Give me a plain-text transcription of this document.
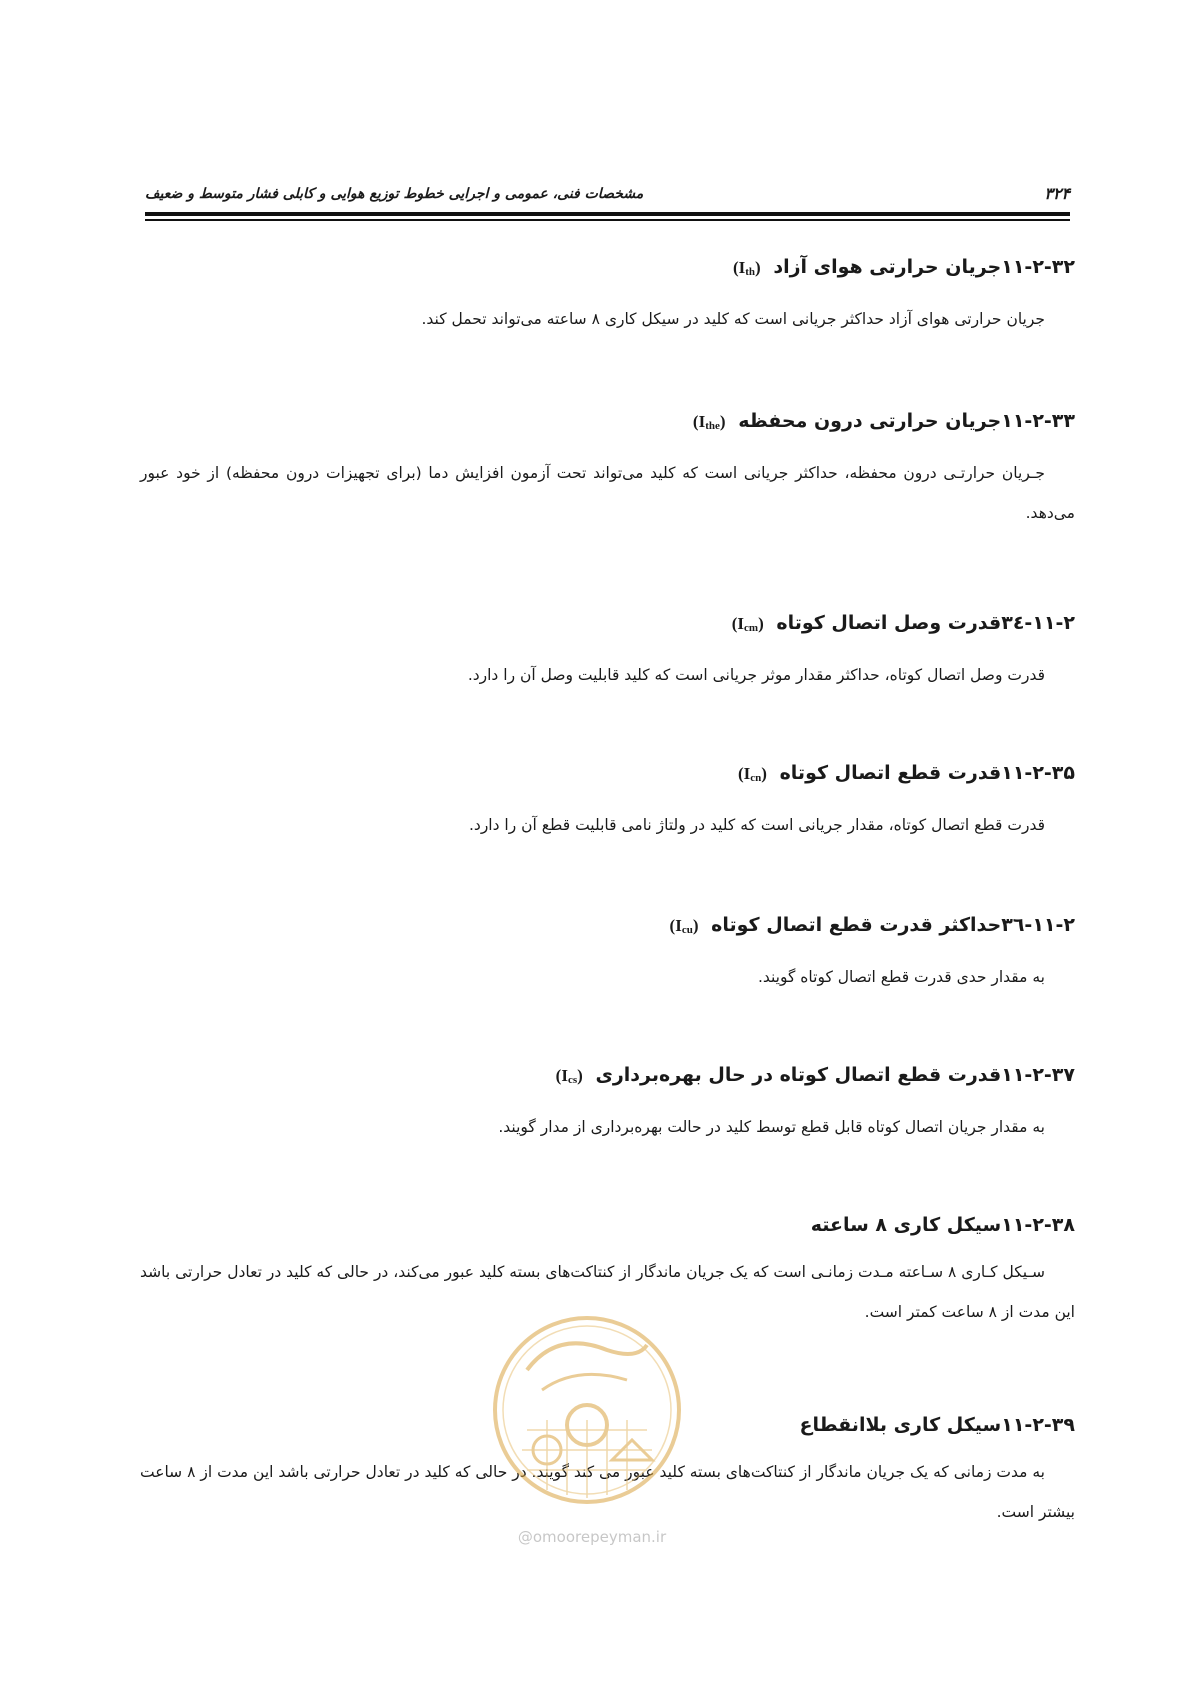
۳۲۴
مشخصات فنی، عمومی و اجرایی خطوط توزیع هوایی و کابلی فشار متوسط و ضعیف
۱۱-۲-۳۲جریان حرارتی هوای آزاد $(I_{th})$

جریان حرارتی هوای آزاد حداکثر جریانی است که کلید در سیکل کاری ۸ ساعته می‌تواند تحمل کند.

۱۱-۲-۳۳جریان حرارتی درون محفظه $(I_{the})$

جـریان حرارتـی درون محفظه، حداکثر جریانی است که کلید می‌تواند تحت آزمون افزایش دما (برای تجهیزات درون محفظه) از خود عبور می‌دهد.

۱۱-۲-٣٤قدرت وصل اتصال کوتاه $(I_{cm})$

قدرت وصل اتصال کوتاه، حداکثر مقدار موثر جریانی است که کلید قابلیت وصل آن را دارد.

۱۱-۲-۳۵قدرت قطع اتصال کوتاه $(I_{cn})$

قدرت قطع اتصال کوتاه، مقدار جریانی است که کلید در ولتاژ نامی قابلیت قطع آن را دارد.

۱۱-۲-٣٦حداکثر قدرت قطع اتصال کوتاه $(I_{cu})$

به مقدار حدی قدرت قطع اتصال کوتاه گویند.

۱۱-۲-۳۷قدرت قطع اتصال کوتاه در حال بهره‌برداری $(I_{cs})$

به مقدار جریان اتصال کوتاه قابل قطع توسط کلید در حالت بهره‌برداری از مدار گویند.

۱۱-۲-۳۸سیکل کاری ۸ ساعته

سـیکل کـاری ۸ سـاعته مـدت زمانـی است که یک جریان ماندگار از کنتاکت‌های بسته کلید عبور می‌کند، در حالی که کلید در تعادل حرارتی باشد این مدت از ۸ ساعت کمتر است.

۱۱-۲-۳۹سیکل کاری بلاانقطاع

به مدت زمانی که یک جریان ماندگار از کنتاکت‌های بسته کلید عبور می کند گویند. در حالی که کلید در تعادل حرارتی باشد این مدت از ۸ ساعت بیشتر است.

@omoorepeyman.ir
